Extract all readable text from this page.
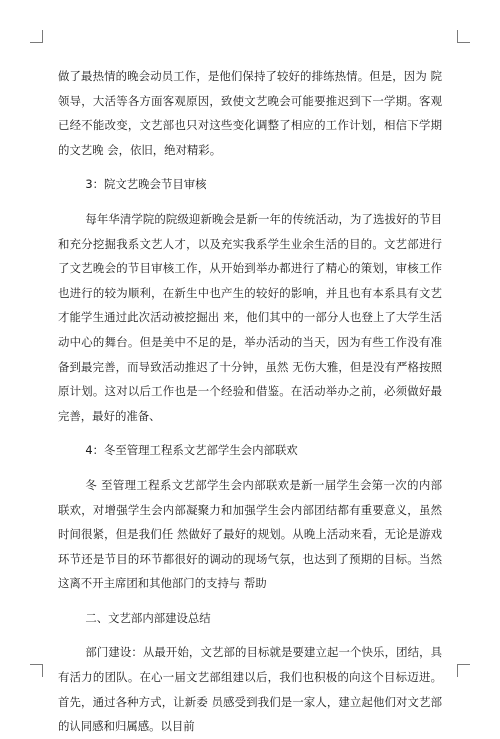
做了最热情的晚会动员工作，是他们保持了较好的排练热情。但是，因为 院领导，大活等各方面客观原因，致使文艺晚会可能要推迟到下一学期。客观已经不能改变，文艺部也只对这些变化调整了相应的工作计划，相信下学期的文艺晚 会，依旧，绝对精彩。

3：院文艺晚会节目审核

每年华清学院的院级迎新晚会是新一年的传统活动，为了选拔好的节目和充分挖掘我系文艺人才，以及充实我系学生业余生活的目的。文艺部进行了文艺晚会的节目审核工作，从开始到举办都进行了精心的策划，审核工作也进行的较为顺利，在新生中也产生的较好的影响，并且也有本系具有文艺才能学生通过此次活动被挖掘出 来，他们其中的一部分人也登上了大学生活动中心的舞台。但是美中不足的是，举办活动的当天，因为有些工作没有准备到最完善，而导致活动推迟了十分钟，虽然 无伤大雅，但是没有严格按照原计划。这对以后工作也是一个经验和借鉴。在活动举办之前，必须做好最完善，最好的准备、

4：冬至管理工程系文艺部学生会内部联欢

冬 至管理工程系文艺部学生会内部联欢是新一届学生会第一次的内部联欢，对增强学生会内部凝聚力和加强学生会内部团结都有重要意义，虽然时间很紧，但是我们任 然做好了最好的规划。从晚上活动来看，无论是游戏环节还是节目的环节都很好的调动的现场气氛，也达到了预期的目标。当然这离不开主席团和其他部门的支持与 帮助

二、文艺部内部建设总结

部门建设：从最开始，文艺部的目标就是要建立起一个快乐，团结，具有活力的团队。在心一届文艺部组建以后，我们也积极的向这个目标迈进。首先，通过各种方式，让新委 员感受到我们是一家人，建立起他们对文艺部的认同感和归属感。以目前
